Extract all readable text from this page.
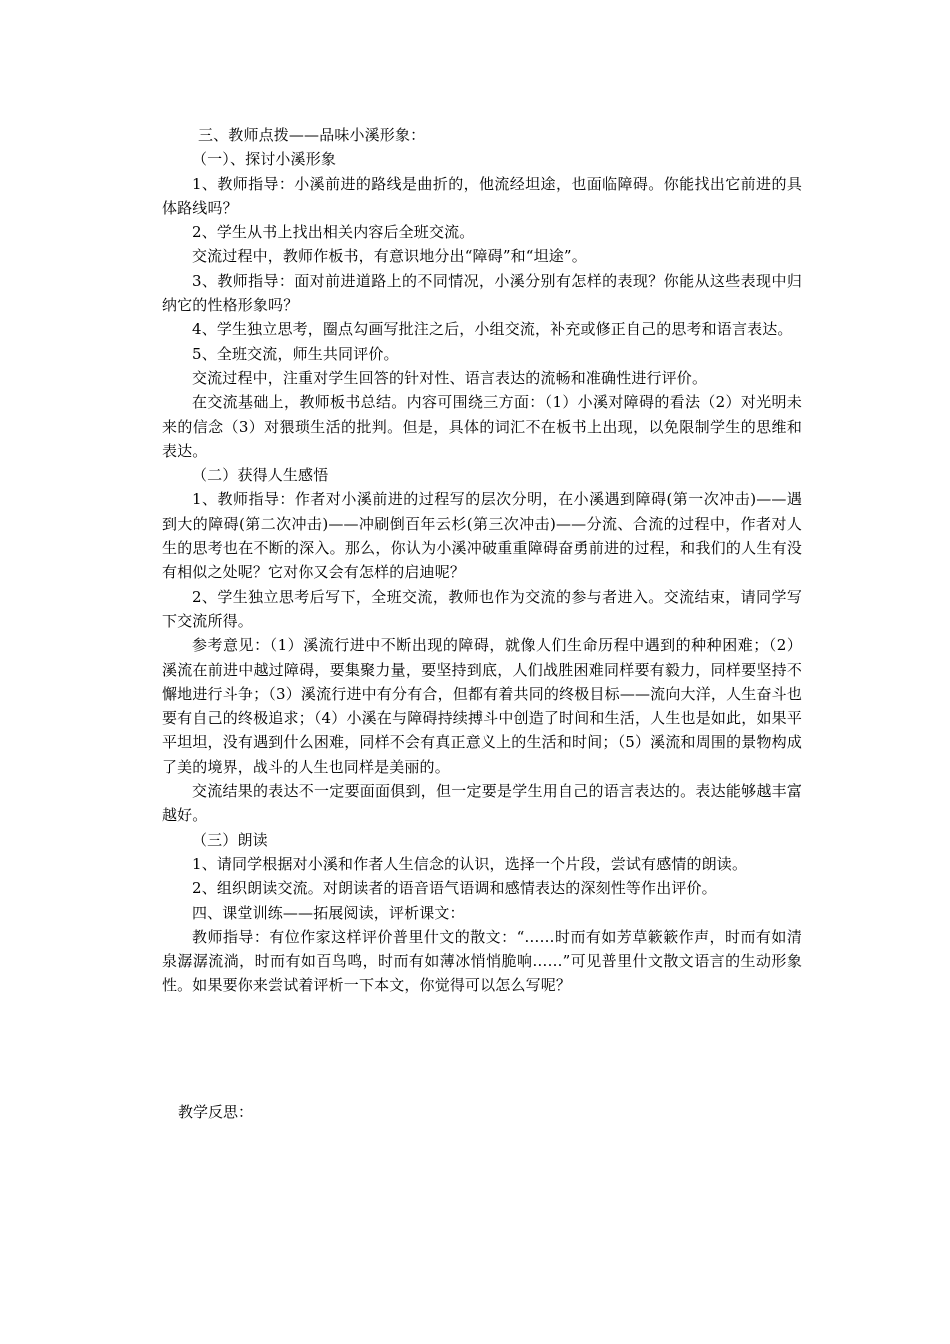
三、教师点拨——品味小溪形象：

（一）、探讨小溪形象

1、教师指导：小溪前进的路线是曲折的，他流经坦途，也面临障碍。你能找出它前进的具体路线吗？

2、学生从书上找出相关内容后全班交流。

交流过程中，教师作板书，有意识地分出“障碍”和“坦途”。

3、教师指导：面对前进道路上的不同情况，小溪分别有怎样的表现？你能从这些表现中归纳它的性格形象吗？

4、学生独立思考，圈点勾画写批注之后，小组交流，补充或修正自己的思考和语言表达。

5、全班交流，师生共同评价。

交流过程中，注重对学生回答的针对性、语言表达的流畅和准确性进行评价。

在交流基础上，教师板书总结。内容可围绕三方面：（1）小溪对障碍的看法（2）对光明未来的信念（3）对猥琐生活的批判。但是，具体的词汇不在板书上出现，以免限制学生的思维和表达。

（二）获得人生感悟

1、教师指导：作者对小溪前进的过程写的层次分明，在小溪遇到障碍(第一次冲击)——遇到大的障碍(第二次冲击)——冲刷倒百年云杉(第三次冲击)——分流、合流的过程中，作者对人生的思考也在不断的深入。那么，你认为小溪冲破重重障碍奋勇前进的过程，和我们的人生有没有相似之处呢？它对你又会有怎样的启迪呢？

2、学生独立思考后写下，全班交流，教师也作为交流的参与者进入。交流结束，请同学写下交流所得。

参考意见：（1）溪流行进中不断出现的障碍，就像人们生命历程中遇到的种种困难；（2）溪流在前进中越过障碍，要集聚力量，要坚持到底，人们战胜困难同样要有毅力，同样要坚持不懈地进行斗争；（3）溪流行进中有分有合，但都有着共同的终极目标——流向大洋，人生奋斗也要有自己的终极追求；（4）小溪在与障碍持续搏斗中创造了时间和生活，人生也是如此，如果平平坦坦，没有遇到什么困难，同样不会有真正意义上的生活和时间；（5）溪流和周围的景物构成了美的境界，战斗的人生也同样是美丽的。

交流结果的表达不一定要面面俱到，但一定要是学生用自己的语言表达的。表达能够越丰富越好。

（三）朗读

1、请同学根据对小溪和作者人生信念的认识，选择一个片段，尝试有感情的朗读。

2、组织朗读交流。对朗读者的语音语气语调和感情表达的深刻性等作出评价。

四、课堂训练——拓展阅读，评析课文：

教师指导：有位作家这样评价普里什文的散文：“……时而有如芳草簌簌作声，时而有如清泉潺潺流淌，时而有如百鸟鸣，时而有如薄冰悄悄脆响……”可见普里什文散文语言的生动形象性。如果要你来尝试着评析一下本文，你觉得可以怎么写呢？

教学反思：
